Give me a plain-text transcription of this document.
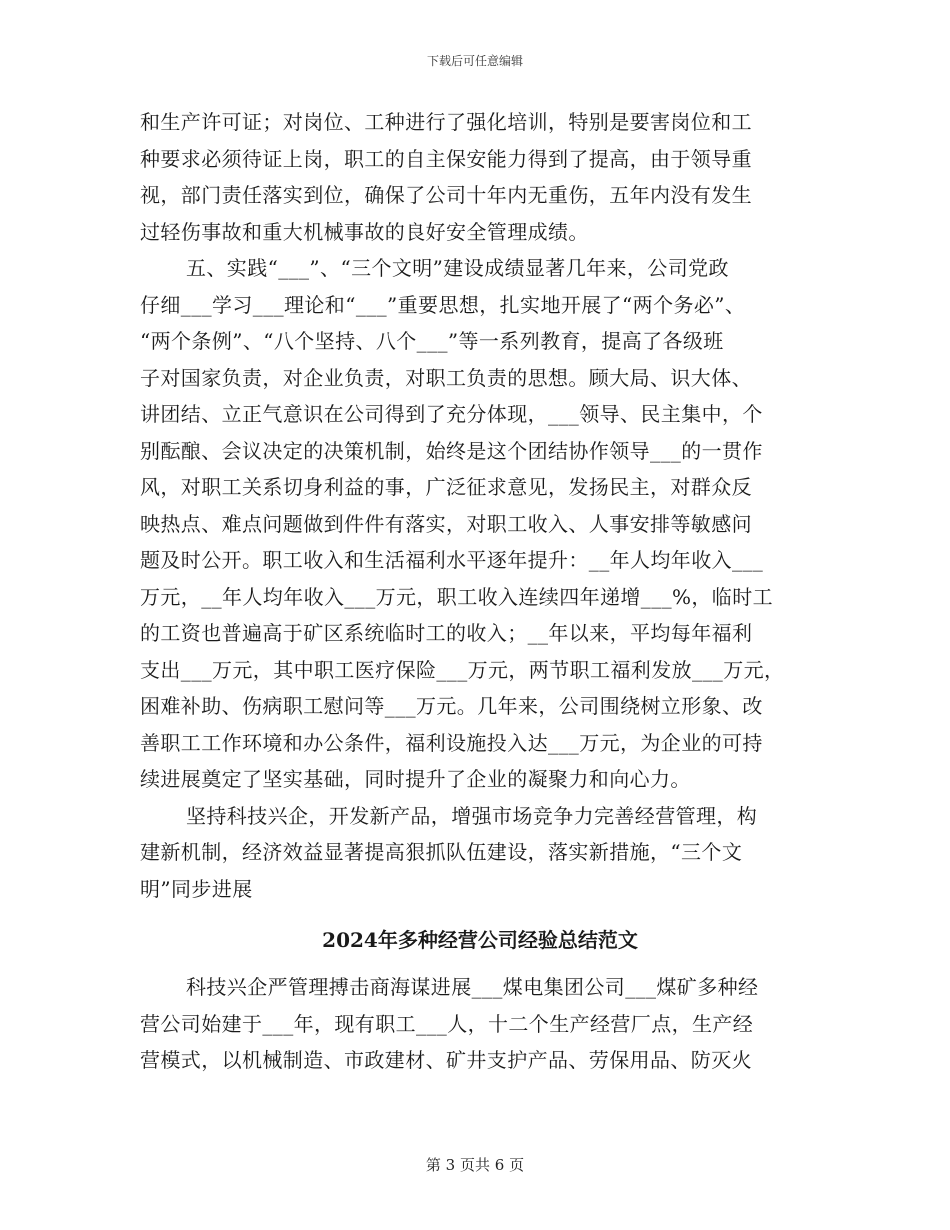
下载后可任意编辑
和生产许可证；对岗位、工种进行了强化培训，特别是要害岗位和工
种要求必须待证上岗，职工的自主保安能力得到了提高，由于领导重
视，部门责任落实到位，确保了公司十年内无重伤，五年内没有发生
过轻伤事故和重大机械事故的良好安全管理成绩。
五、实践“___”、“三个文明”建设成绩显著几年来，公司党政
仔细___学习___理论和“___”重要思想，扎实地开展了“两个务必”、
“两个条例”、“八个坚持、八个___”等一系列教育，提高了各级班
子对国家负责，对企业负责，对职工负责的思想。顾大局、识大体、
讲团结、立正气意识在公司得到了充分体现，___领导、民主集中，个
别酝酿、会议决定的决策机制，始终是这个团结协作领导___的一贯作
风，对职工关系切身利益的事，广泛征求意见，发扬民主，对群众反
映热点、难点问题做到件件有落实，对职工收入、人事安排等敏感问
题及时公开。职工收入和生活福利水平逐年提升：__年人均年收入___
万元，__年人均年收入___万元，职工收入连续四年递增___%，临时工
的工资也普遍高于矿区系统临时工的收入；__年以来，平均每年福利
支出___万元，其中职工医疗保险___万元，两节职工福利发放___万元，
困难补助、伤病职工慰问等___万元。几年来，公司围绕树立形象、改
善职工工作环境和办公条件，福利设施投入达___万元，为企业的可持
续进展奠定了坚实基础，同时提升了企业的凝聚力和向心力。
坚持科技兴企，开发新产品，增强市场竞争力完善经营管理，构
建新机制，经济效益显著提高狠抓队伍建设，落实新措施，“三个文
明”同步进展
2024年多种经营公司经验总结范文
科技兴企严管理搏击商海谋进展___煤电集团公司___煤矿多种经
营公司始建于___年，现有职工___人，十二个生产经营厂点，生产经
营模式，以机械制造、市政建材、矿井支护产品、劳保用品、防灭火
第 3 页共 6 页
